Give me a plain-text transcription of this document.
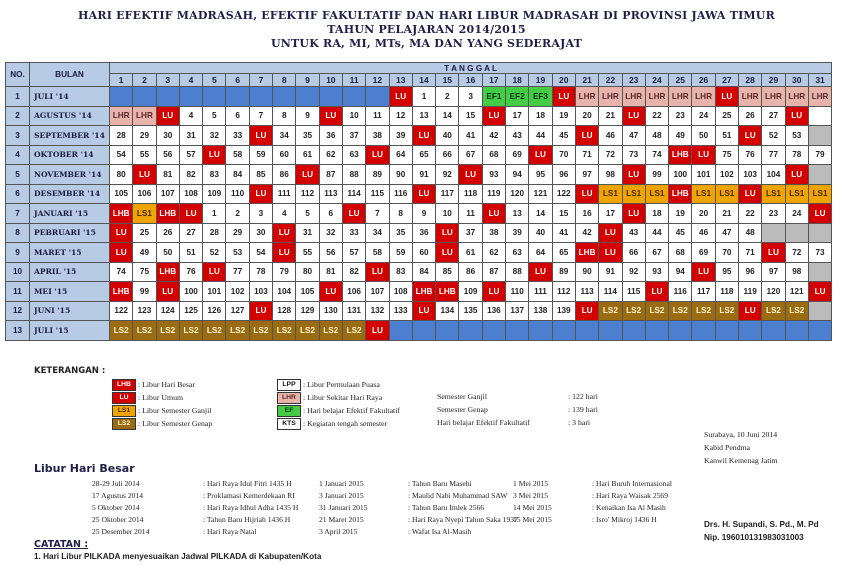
HARI EFEKTIF MADRASAH, EFEKTIF FAKULTATIF DAN HARI LIBUR MADRASAH DI PROVINSI JAWA TIMUR
TAHUN PELAJARAN 2014/2015
UNTUK RA, MI, MTs, MA DAN YANG SEDERAJAT
NO.	BULAN	T A N G G A L																														
		1	2	3	4	5	6	7	8	9	10	11	12	13	14	15	16	17	18	19	20	21	22	23	24	25	26	27	28	29	30	31
1	JULI '14													LU	1	2	3	EF1	EF2	EF3	LU	LHR	LHR	LHR	LHR	LHR	LHR	LU	LHR	LHR	LHR	LHR
2	AGUSTUS '14	LHR	LHR	LU	4	5	6	7	8	9	LU	10	11	12	13	14	15	LU	17	18	19	20	21	LU	22	23	24	25	26	27	LU	
3	SEPTEMBER '14	28	29	30	31	32	33	LU	34	35	36	37	38	39	LU	40	41	42	43	44	45	LU	46	47	48	49	50	51	LU	52	53	
4	OKTOBER '14	54	55	56	57	LU	58	59	60	61	62	63	LU	64	65	66	67	68	69	LU	70	71	72	73	74	LHB	LU	75	76	77	78	79
5	NOVEMBER '14	80	LU	81	82	83	84	85	86	LU	87	88	89	90	91	92	LU	93	94	95	96	97	98	LU	99	100	101	102	103	104	LU	
6	DESEMBER '14	105	106	107	108	109	110	LU	111	112	113	114	115	116	LU	117	118	119	120	121	122	LU	LS1	LS1	LS1	LHB	LS1	LS1	LU	LS1	LS1	LS1
7	JANUARI '15	LHB	LS1	LHB	LU	1	2	3	4	5	6	LU	7	8	9	10	11	LU	13	14	15	16	17	LU	18	19	20	21	22	23	24	LU
8	PEBRUARI '15	LU	25	26	27	28	29	30	LU	31	32	33	34	35	36	LU	37	38	39	40	41	42	LU	43	44	45	46	47	48			
9	MARET '15	LU	49	50	51	52	53	54	LU	55	56	57	58	59	60	LU	61	62	63	64	65	LHB	LU	66	67	68	69	70	71	LU	72	73
10	APRIL '15	74	75	LHB	76	LU	77	78	79	80	81	82	LU	83	84	85	86	87	88	LU	89	90	91	92	93	94	LU	95	96	97	98	
11	MEI '15	LHB	99	LU	100	101	102	103	104	105	LU	106	107	108	LHB	LHB	109	LU	110	111	112	113	114	115	LU	116	117	118	119	120	121	LU
12	JUNI '15	122	123	124	125	126	127	LU	128	129	130	131	132	133	LU	134	135	136	137	138	139	LU	LS2	LS2	LS2	LS2	LS2	LS2	LU	LS2	LS2	
13	JULI '15	LS2	LS2	LS2	LS2	LS2	LS2	LS2	LS2	LS2	LS2	LS2	LU																			
KETERANGAN :
LHB : Libur Hari Besar
LU	: Libur Umum
LS1 : Libur Semester Ganjil
LS2 : Libur Semester Genap
LPP : Libur Permulaan Puasa
LHR : Libur Sekitar Hari Raya
EF	: Hari belajar Efektif Fakultatif
KTS : Kegiatan tengah semester
Semester Ganjil	: 122 hari
Semester Genap	: 139 hari
Hari belajar Efektif Fakultatif	: 3 hari
Surabaya, 10 Juni 2014
Kabid Pendma
Kanwil Kemenag Jatim
Drs. H. Supandi, S. Pd., M. Pd
Nip. 196010131983031003
Libur Hari Besar
28-29 Juli 2014	: Hari Raya Idul Fitri 1435 H
17 Agustus 2014	: Proklamasi Kemerdekaan RI
5 Oktober 2014	: Hari Raya Idhul Adha 1435 H
25 Oktober 2014	: Tahun Baru Hijriah 1436 H
25 Desember 2014	: Hari Raya Natal
1 Januari 2015	: Tahun Baru Masehi
3 Januari 2015	: Maulid Nabi Muhammad SAW
31 Januari 2015	: Tahun Baru Imlek 2566
21 Maret 2015	: Hari Raya Nyepi Tahun Saka 1937
3 April 2015	: Wafat Isa Al-Masih
1 Mei 2015	: Hari Buruh Internasional
3 Mei 2015	: Hari Raya Waisak 2569
14 Mei 2015	: Kenaikan Isa Al Masih
15 Mei 2015	: Isro' Mikroj 1436 H
CATATAN :
1. Hari Libur PILKADA menyesuaikan Jadwal PILKADA di Kabupaten/Kota
